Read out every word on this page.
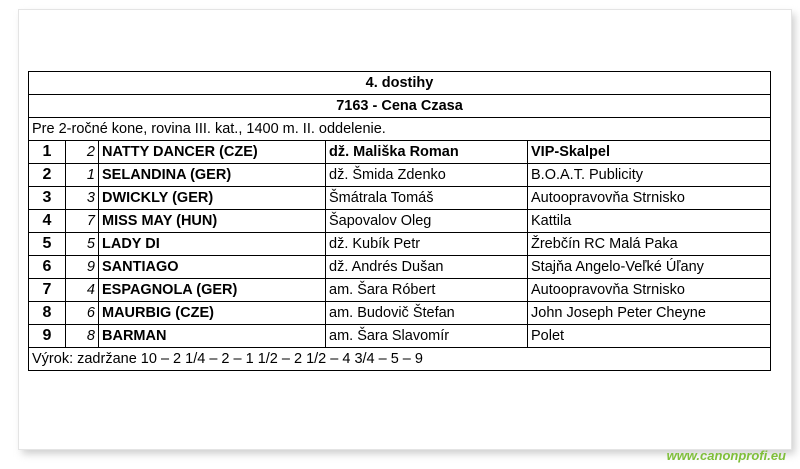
4. dostihy				
7163 - Cena Czasa				
Pre 2-ročné kone, rovina III. kat., 1400 m. II. oddelenie.				
1	2	NATTY DANCER (CZE)	dž. Mališka Roman	VIP-Skalpel
2	1	SELANDINA (GER)	dž. Šmida Zdenko	B.O.A.T. Publicity
3	3	DWICKLY (GER)	Šmátrala Tomáš	Autoopravovňa Strnisko
4	7	MISS MAY (HUN)	Šapovalov Oleg	Kattila
5	5	LADY DI	dž. Kubík Petr	Žrebčín RC Malá Paka
6	9	SANTIAGO	dž. Andrés Dušan	Stajňa Angelo-Veľké Úľany
7	4	ESPAGNOLA (GER)	am. Šara Róbert	Autoopravovňa Strnisko
8	6	MAURBIG (CZE)	am. Budovič Štefan	John Joseph Peter Cheyne
9	8	BARMAN	am. Šara Slavomír	Polet
Výrok: zadržane 10 – 2 1/4 – 2 – 1 1/2 – 2 1/2 – 4 3/4 – 5 – 9				
www.canonprofi.eu
